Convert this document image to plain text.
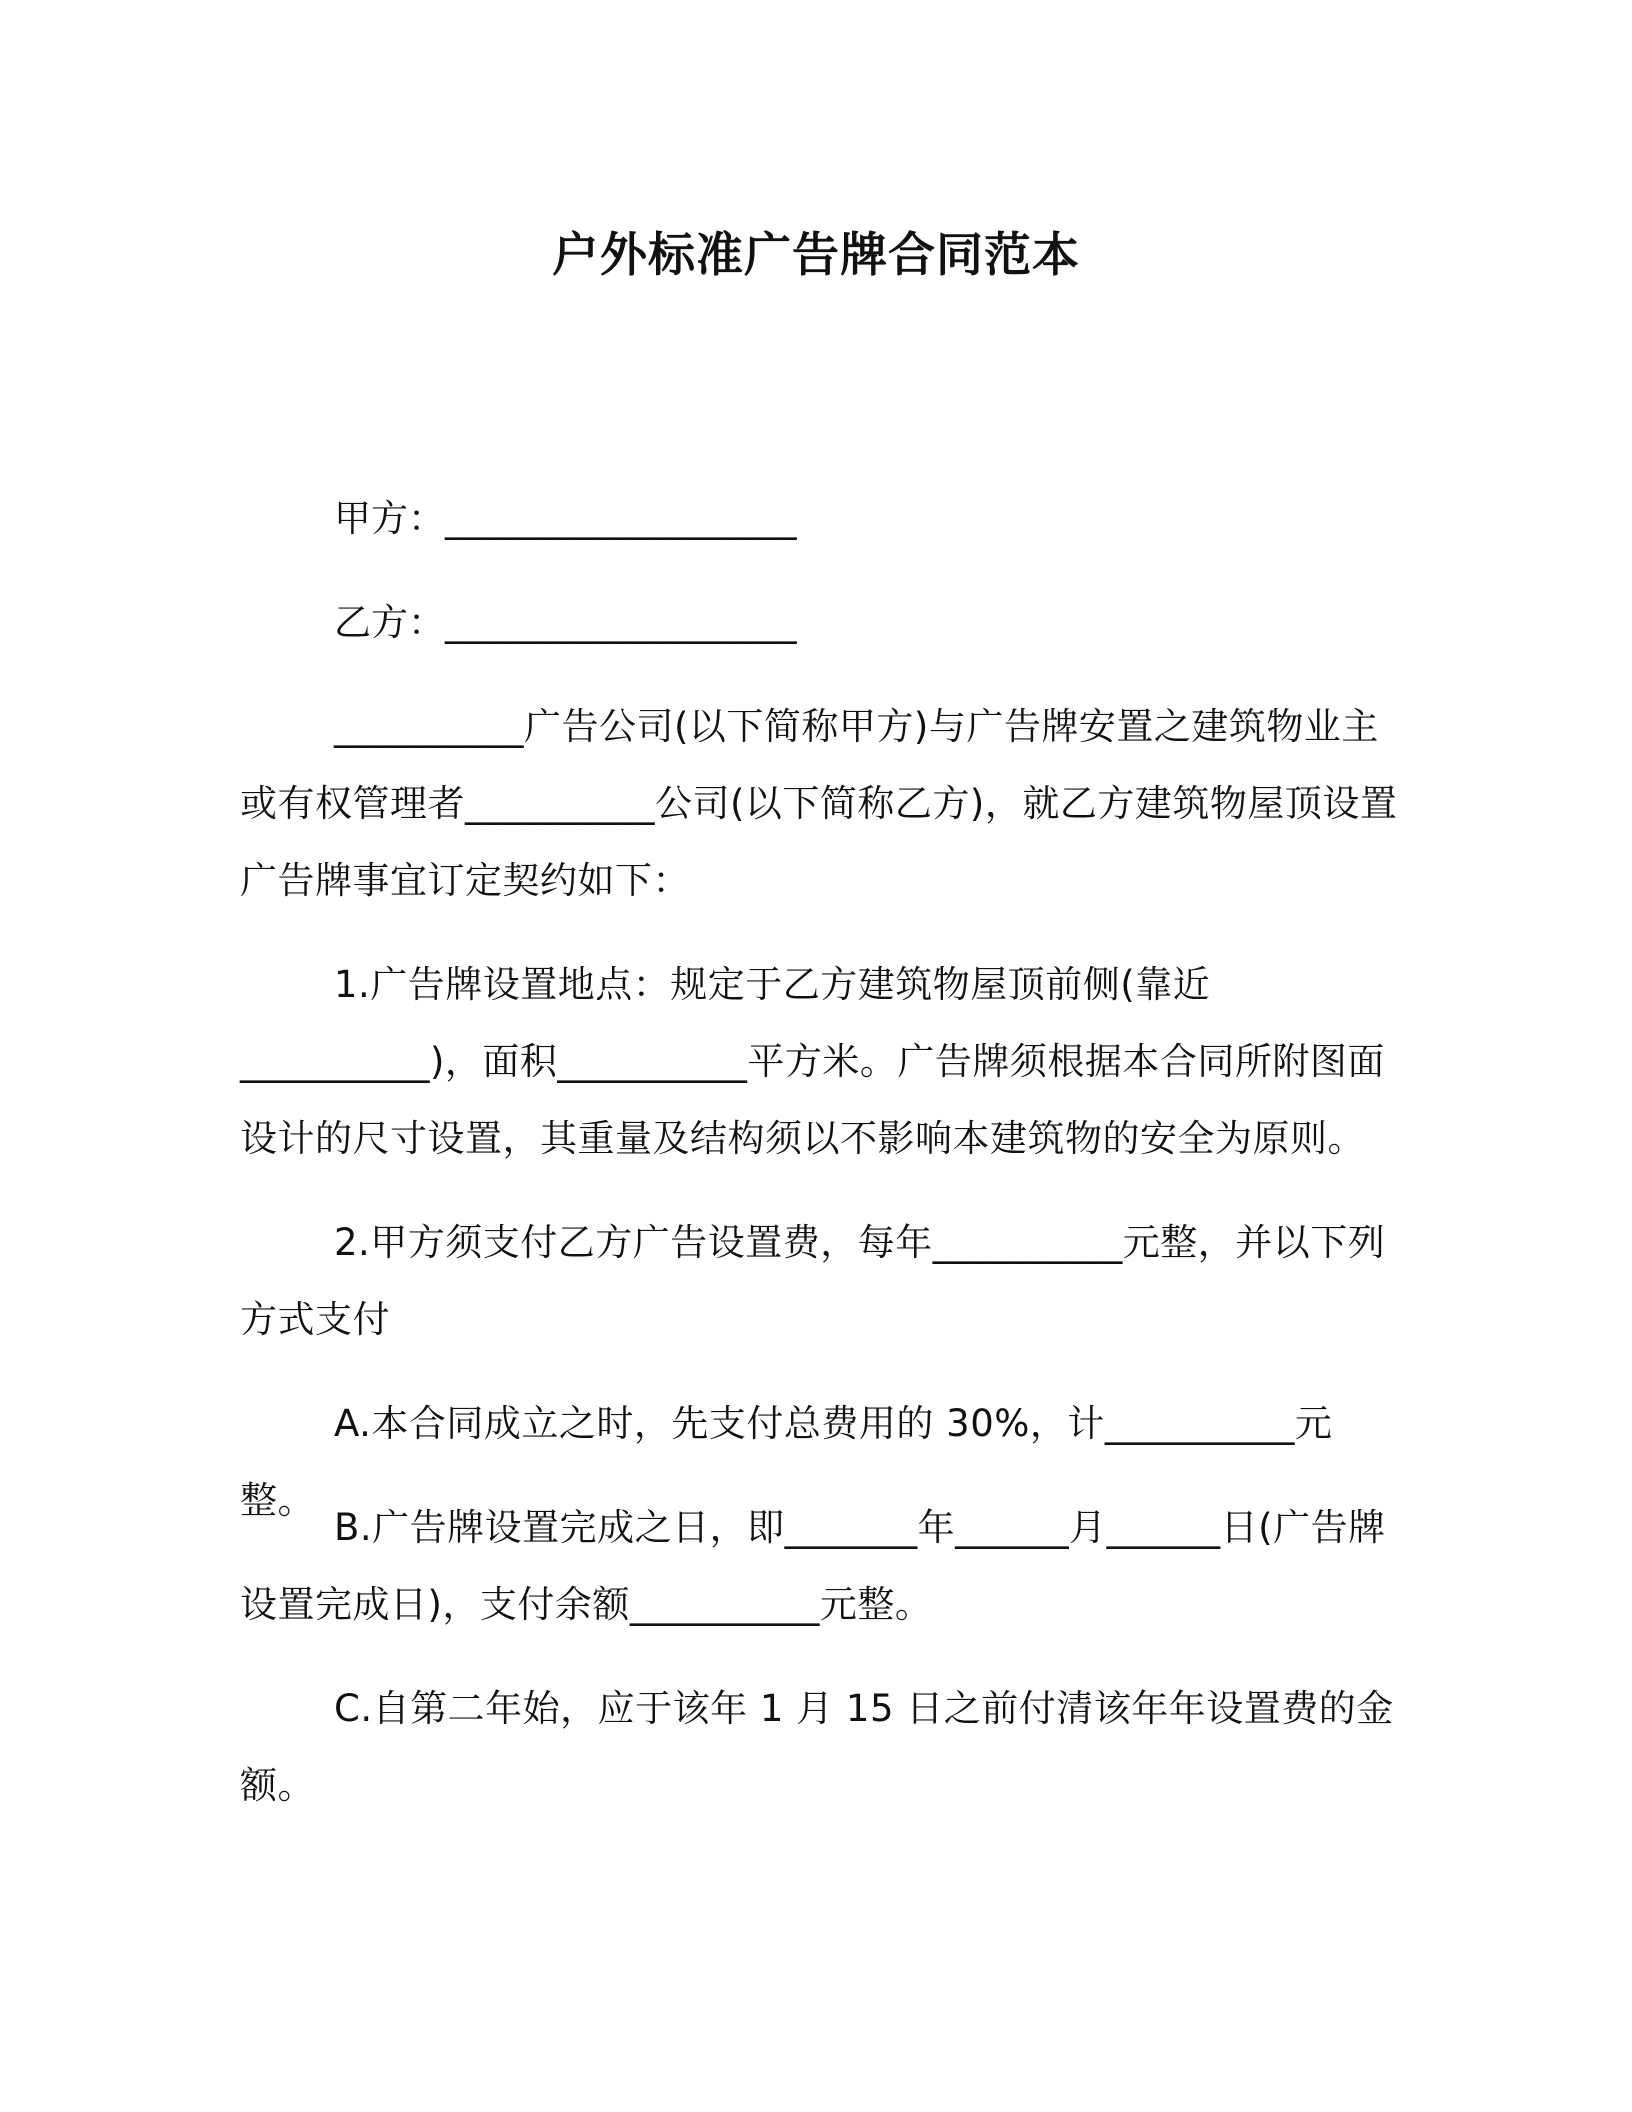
户外标准广告牌合同范本
甲方：___________________
乙方：___________________

__________广告公司(以下简称甲方)与广告牌安置之建筑物业主或有权管理者__________公司(以下简称乙方)，就乙方建筑物屋顶设置广告牌事宜订定契约如下：

1.广告牌设置地点：规定于乙方建筑物屋顶前侧(靠近__________)，面积__________平方米。广告牌须根据本合同所附图面设计的尺寸设置，其重量及结构须以不影响本建筑物的安全为原则。

2.甲方须支付乙方广告设置费，每年__________元整，并以下列方式支付

A.本合同成立之时，先支付总费用的 30%，计__________元整。

B.广告牌设置完成之日，即_______年______月______日(广告牌设置完成日)，支付余额__________元整。

C.自第二年始，应于该年 1 月 15 日之前付清该年年设置费的金额。
